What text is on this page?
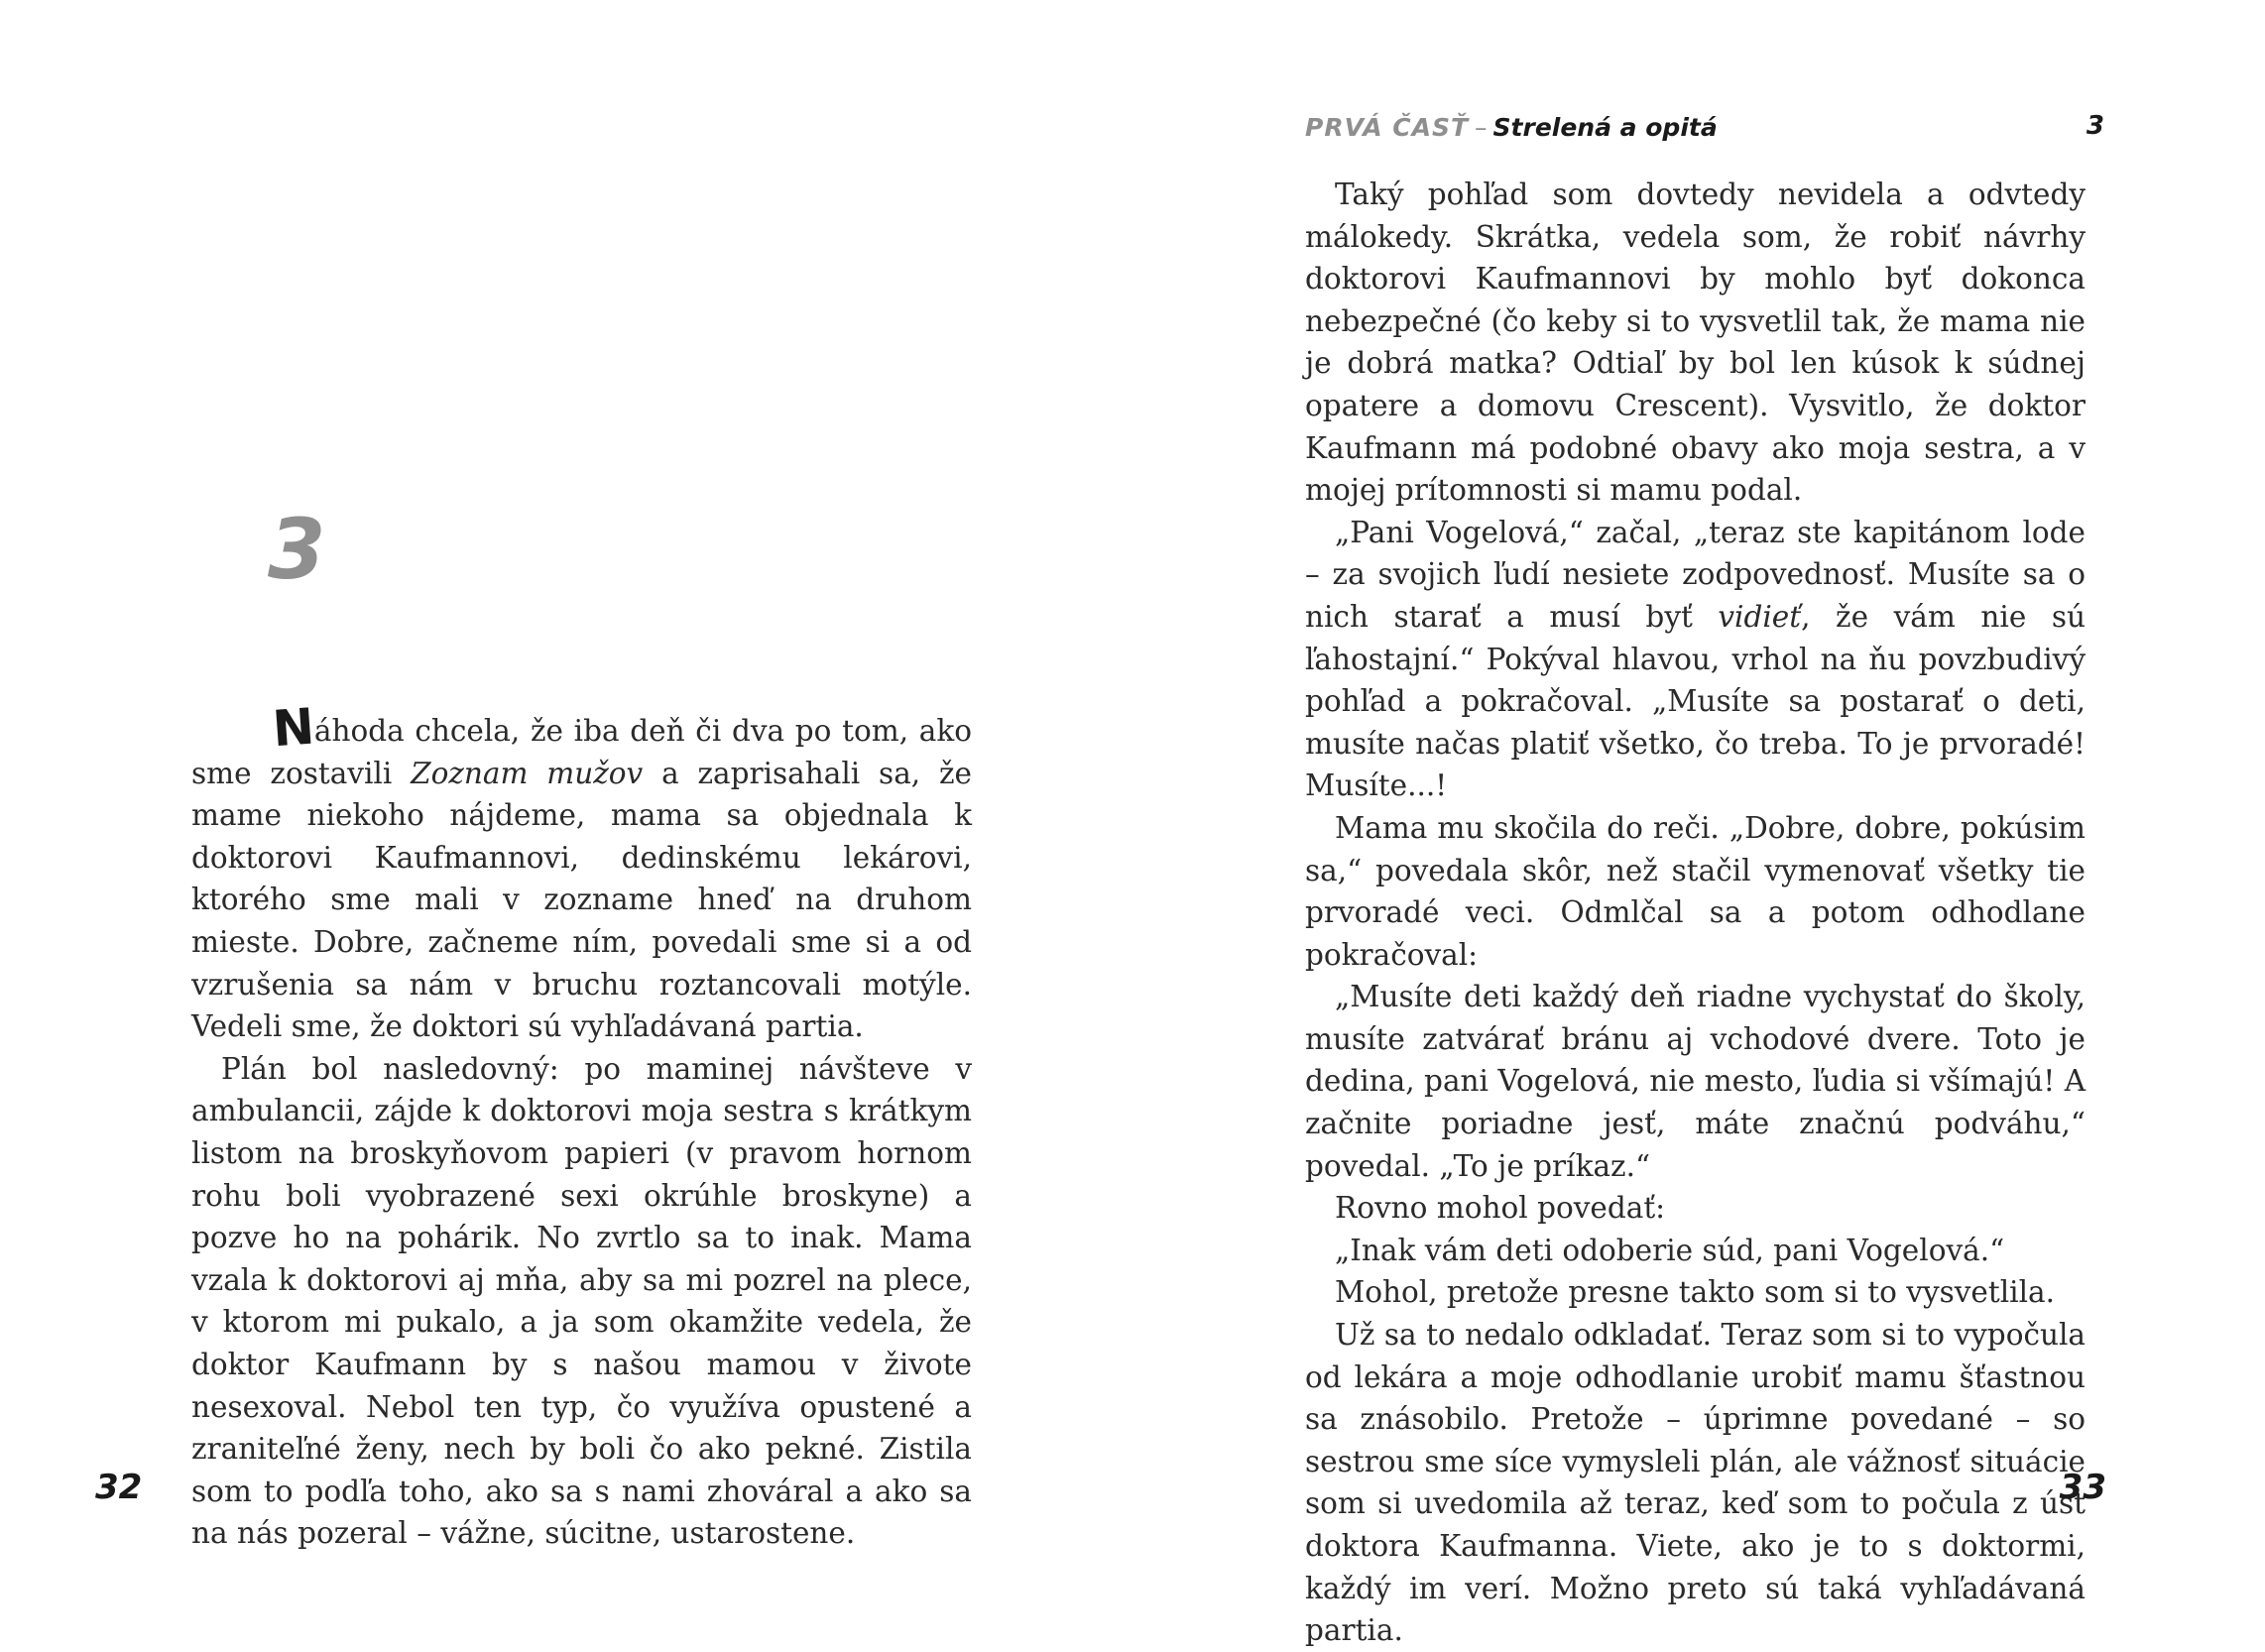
3

Náhoda chcela, že iba deň či dva po tom, ako sme zostavili Zoznam mužov a zaprisahali sa, že mame niekoho nájdeme, mama sa objednala k doktorovi Kaufmannovi, dedinskému lekárovi, ktorého sme mali v zozname hneď na druhom mieste. Dobre, začneme ním, povedali sme si a od vzrušenia sa nám v bruchu roztancovali motýle. Vedeli sme, že doktori sú vyhľadávaná partia.

Plán bol nasledovný: po maminej návšteve v ambulancii, zájde k doktorovi moja sestra s krátkym listom na broskyňovom papieri (v pravom hornom rohu boli vyobrazené sexi okrúhle broskyne) a pozve ho na pohárik. No zvrtlo sa to inak. Mama vzala k doktorovi aj mňa, aby sa mi pozrel na plece, v ktorom mi pukalo, a ja som okamžite vedela, že doktor Kaufmann by s našou mamou v živote nesexoval. Nebol ten typ, čo využíva opustené a zraniteľné ženy, nech by boli čo ako pekné. Zistila som to podľa toho, ako sa s nami zhováral a ako sa na nás pozeral – vážne, súcitne, ustarostene.

32
PRVÁ ČASŤ – Strelená a opitá	3

Taký pohľad som dovtedy nevidela a odvtedy málokedy. Skrátka, vedela som, že robiť návrhy doktorovi Kaufmannovi by mohlo byť dokonca nebezpečné (čo keby si to vysvetlil tak, že mama nie je dobrá matka? Odtiaľ by bol len kúsok k súdnej opatere a domovu Crescent). Vysvitlo, že doktor Kaufmann má podobné obavy ako moja sestra, a v mojej prítomnosti si mamu podal.

„Pani Vogelová,“ začal, „teraz ste kapitánom lode – za svojich ľudí nesiete zodpovednosť. Musíte sa o nich starať a musí byť vidieť, že vám nie sú ľahostajní.“ Pokýval hlavou, vrhol na ňu povzbudivý pohľad a pokračoval. „Musíte sa postarať o deti, musíte načas platiť všetko, čo treba. To je prvoradé! Musíte...!

Mama mu skočila do reči. „Dobre, dobre, pokúsim sa,“ povedala skôr, než stačil vymenovať všetky tie prvoradé veci. Odmlčal sa a potom odhodlane pokračoval:

„Musíte deti každý deň riadne vychystať do školy, musíte zatvárať bránu aj vchodové dvere. Toto je dedina, pani Vogelová, nie mesto, ľudia si všímajú! A začnite poriadne jesť, máte značnú podváhu,“ povedal. „To je príkaz.“

Rovno mohol povedať:

„Inak vám deti odoberie súd, pani Vogelová.“

Mohol, pretože presne takto som si to vysvetlila.

Už sa to nedalo odkladať. Teraz som si to vypočula od lekára a moje odhodlanie urobiť mamu šťastnou sa znásobilo. Pretože – úprimne povedané – so sestrou sme síce vymysleli plán, ale vážnosť situácie som si uvedomila až teraz, keď som to počula z úst doktora Kaufmanna. Viete, ako je to s doktormi, každý im verí. Možno preto sú taká vyhľadávaná partia.

33
